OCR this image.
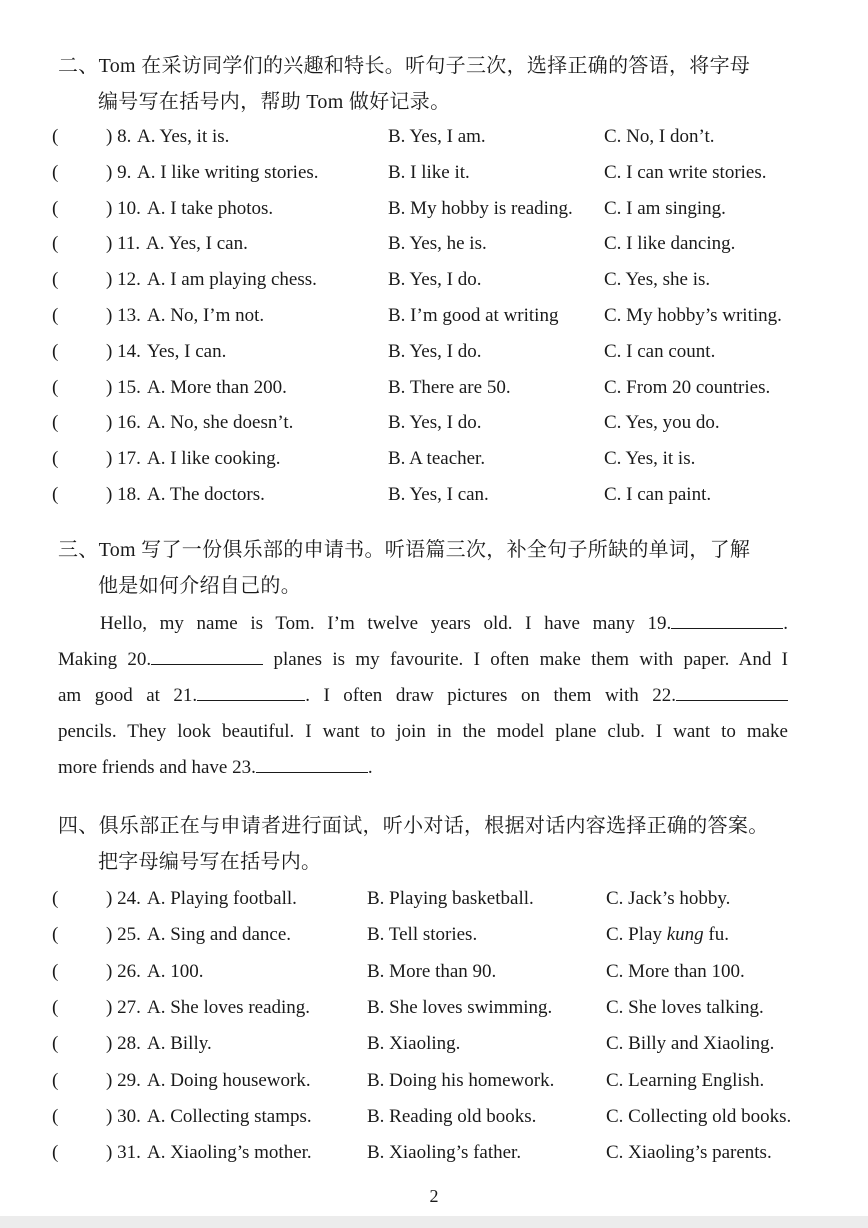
二、Tom 在采访同学们的兴趣和特长。听句子三次，选择正确的答语，将字母
编号写在括号内，帮助 Tom 做好记录。
(	) 8. A. Yes, it is.	B. Yes, I am.	C. No, I don’t.
(	) 9. A. I like writing stories.	B. I like it.	C. I can write stories.
(	) 10. A. I take photos.	B. My hobby is reading. C. I am singing.
(	) 11. A. Yes, I can.	B. Yes, he is.	C. I like dancing.
(	) 12. A. I am playing chess.	B. Yes, I do.	C. Yes, she is.
(	) 13. A. No, I’m not.	B. I’m good at writing C. My hobby’s writing.
(	) 14. Yes, I can.	B. Yes, I do.	C. I can count.
(	) 15. A. More than 200.	B. There are 50.	C. From 20 countries.
(	) 16. A. No, she doesn’t.	B. Yes, I do.	C. Yes, you do.
(	) 17. A. I like cooking.	B. A teacher.	C. Yes, it is.
(	) 18. A. The doctors.	B. Yes, I can.	C. I can paint.
三、Tom 写了一份俱乐部的申请书。听语篇三次，补全句子所缺的单词，了解
他是如何介绍自己的。
Hello, my name is Tom. I’m twelve years old. I have many 19.	.
Making 20.	planes is my favourite. I often make them with paper. And I
am good at 21.	. I often draw pictures on them with 22.
pencils. They look beautiful. I want to join in the model plane club. I want to make
more friends and have 23.	.
四、俱乐部正在与申请者进行面试，听小对话，根据对话内容选择正确的答案。
把字母编号写在括号内。
(	) 24. A. Playing football.	B. Playing basketball.	C. Jack’s hobby.
(	) 25. A. Sing and dance.	B. Tell stories.	C. Play kung fu.
(	) 26. A. 100.	B. More than 90.	C. More than 100.
(	) 27. A. She loves reading.	B. She loves swimming.	C. She loves talking.
(	) 28. A. Billy.	B. Xiaoling.	C. Billy and Xiaoling.
(	) 29. A. Doing housework.	B. Doing his homework.	C. Learning English.
(	) 30. A. Collecting stamps.	B. Reading old books.	C. Collecting old books.
(	) 31. A. Xiaoling’s mother.	B. Xiaoling’s father.	C. Xiaoling’s parents.
2
